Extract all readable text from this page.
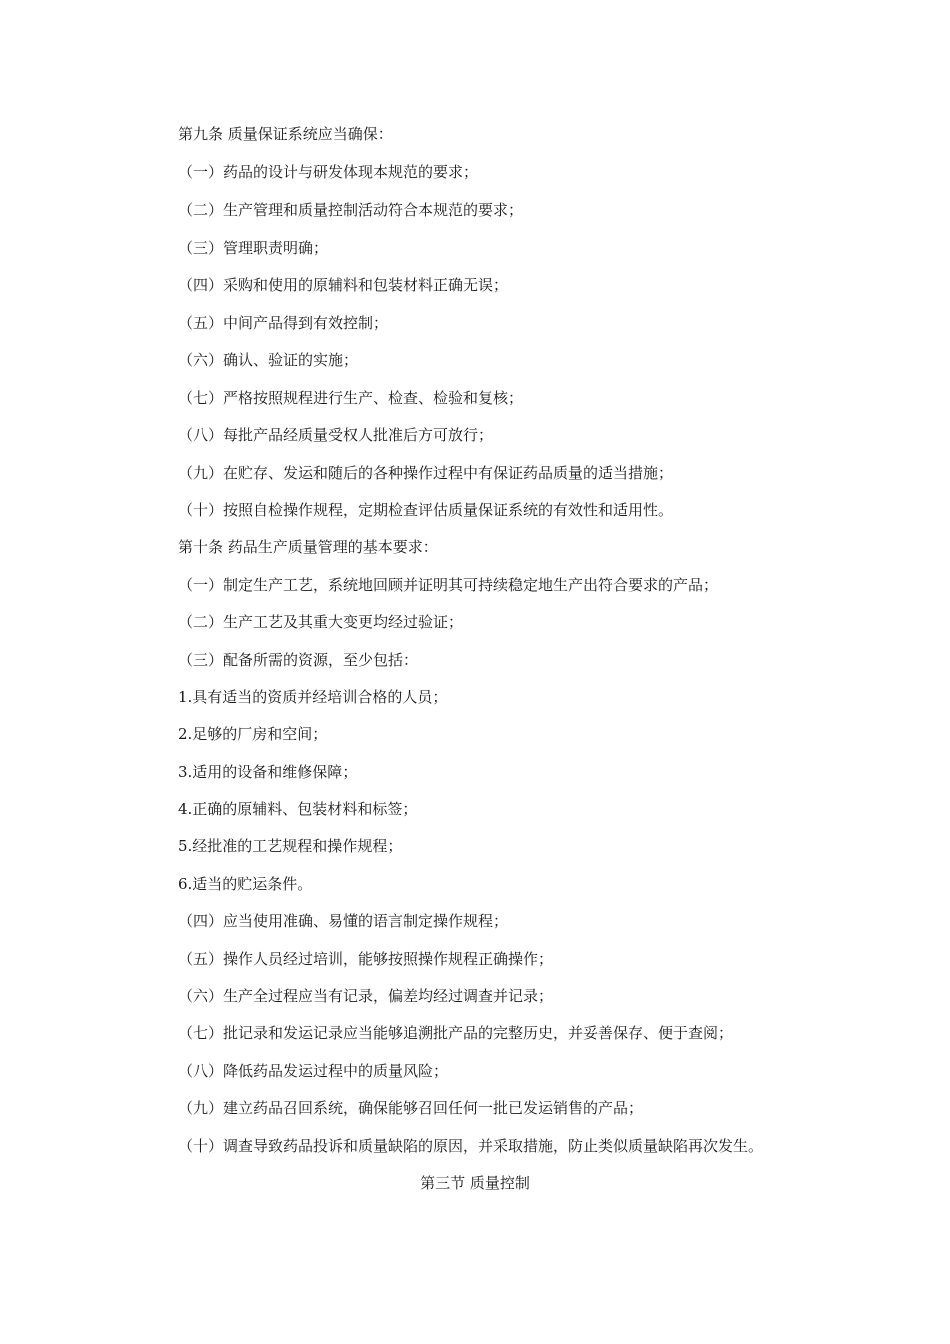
第九条 质量保证系统应当确保：
（一）药品的设计与研发体现本规范的要求；
（二）生产管理和质量控制活动符合本规范的要求；
（三）管理职责明确；
（四）采购和使用的原辅料和包装材料正确无误；
（五）中间产品得到有效控制；
（六）确认、验证的实施；
（七）严格按照规程进行生产、检查、检验和复核；
（八）每批产品经质量受权人批准后方可放行；
（九）在贮存、发运和随后的各种操作过程中有保证药品质量的适当措施；
（十）按照自检操作规程，定期检查评估质量保证系统的有效性和适用性。
第十条 药品生产质量管理的基本要求：
（一）制定生产工艺，系统地回顾并证明其可持续稳定地生产出符合要求的产品；
（二）生产工艺及其重大变更均经过验证；
（三）配备所需的资源，至少包括：
1.具有适当的资质并经培训合格的人员；
2.足够的厂房和空间；
3.适用的设备和维修保障；
4.正确的原辅料、包装材料和标签；
5.经批准的工艺规程和操作规程；
6.适当的贮运条件。
（四）应当使用准确、易懂的语言制定操作规程；
（五）操作人员经过培训，能够按照操作规程正确操作；
（六）生产全过程应当有记录，偏差均经过调查并记录；
（七）批记录和发运记录应当能够追溯批产品的完整历史，并妥善保存、便于查阅；
（八）降低药品发运过程中的质量风险；
（九）建立药品召回系统，确保能够召回任何一批已发运销售的产品；
（十）调查导致药品投诉和质量缺陷的原因，并采取措施，防止类似质量缺陷再次发生。
第三节 质量控制
